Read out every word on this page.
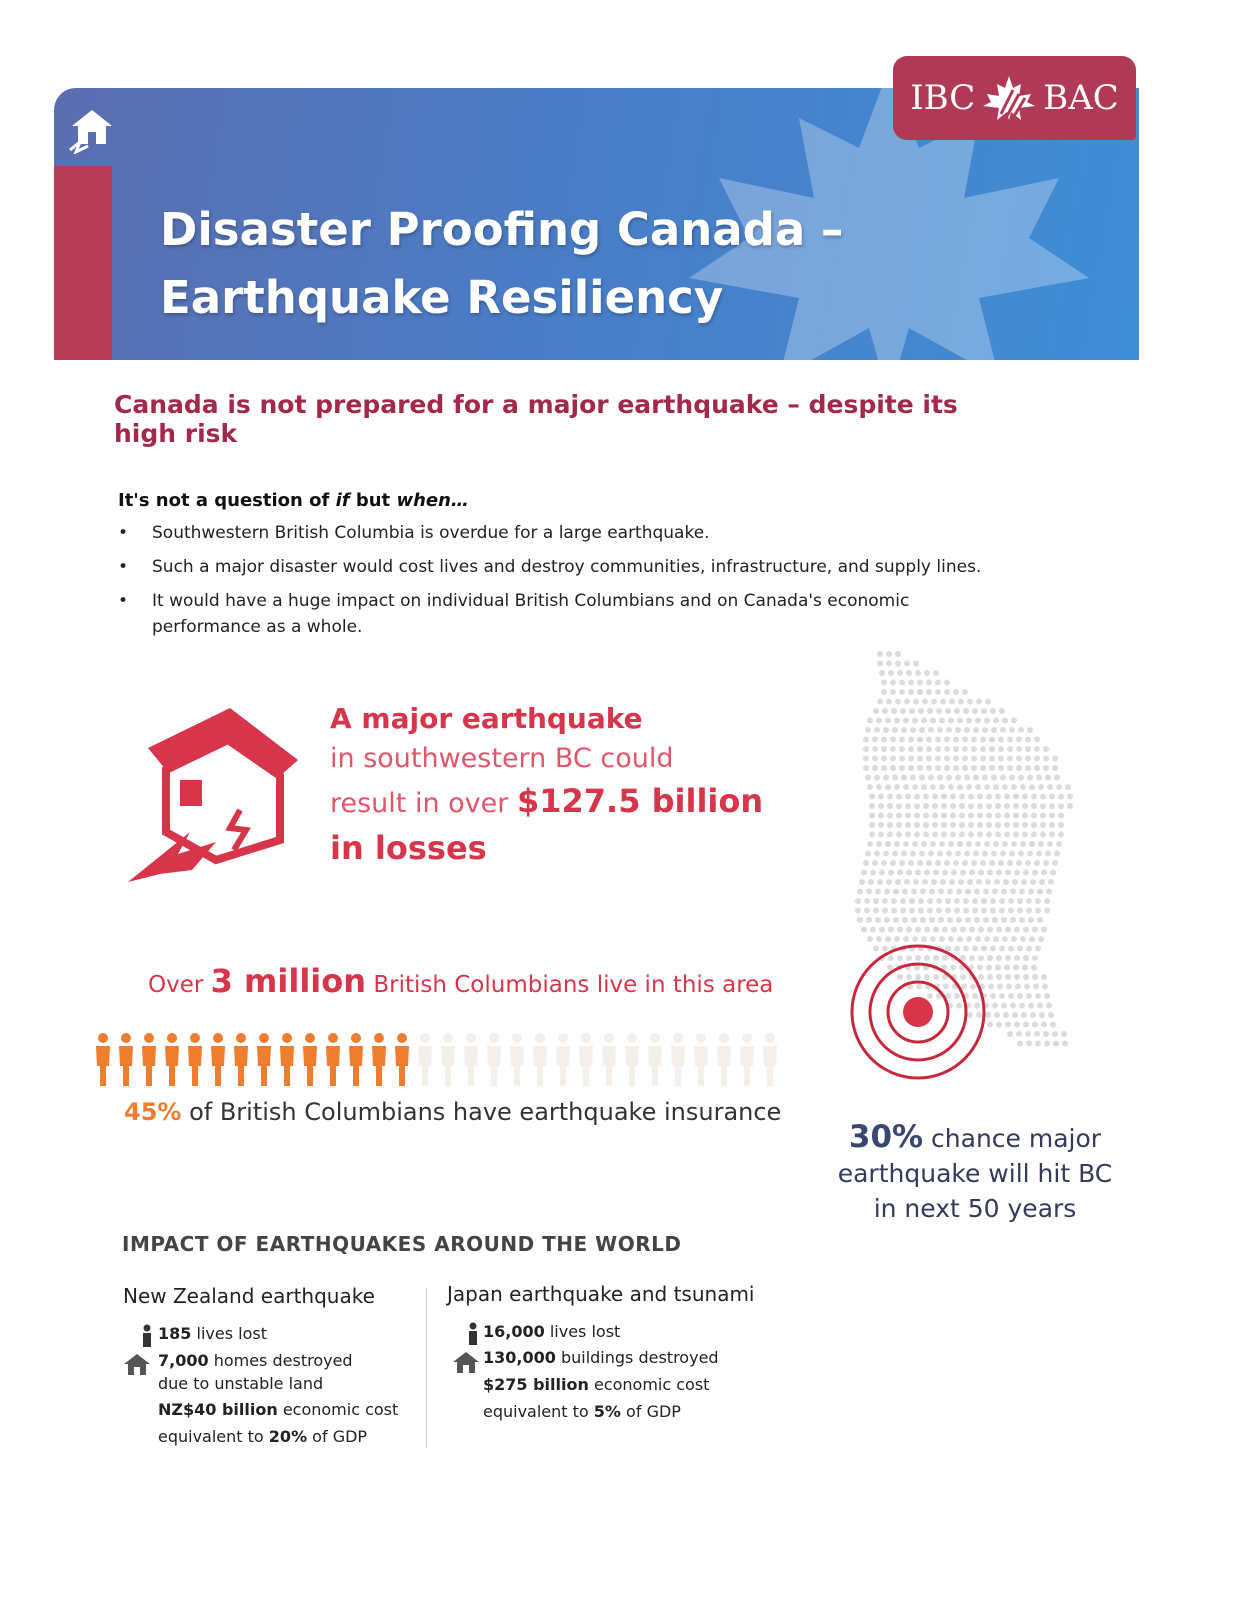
Disaster Proofing Canada –
Earthquake Resiliency
IBC BAC
Canada is not prepared for a major earthquake – despite its high risk
It's not a question of if but when…
• Southwestern British Columbia is overdue for a large earthquake.
• Such a major disaster would cost lives and destroy communities, infrastructure, and supply lines.
• It would have a huge impact on individual British Columbians and on Canada's economic performance as a whole.
A major earthquake
in southwestern BC could
result in over $127.5 billion
in losses
Over 3 million British Columbians live in this area
45% of British Columbians have earthquake insurance
30% chance major
earthquake will hit BC
in next 50 years
IMPACT OF EARTHQUAKES AROUND THE WORLD
New Zealand earthquake
185 lives lost
7,000 homes destroyed
due to unstable land
NZ$40 billion economic cost
equivalent to 20% of GDP
Japan earthquake and tsunami
16,000 lives lost
130,000 buildings destroyed
$275 billion economic cost
equivalent to 5% of GDP
